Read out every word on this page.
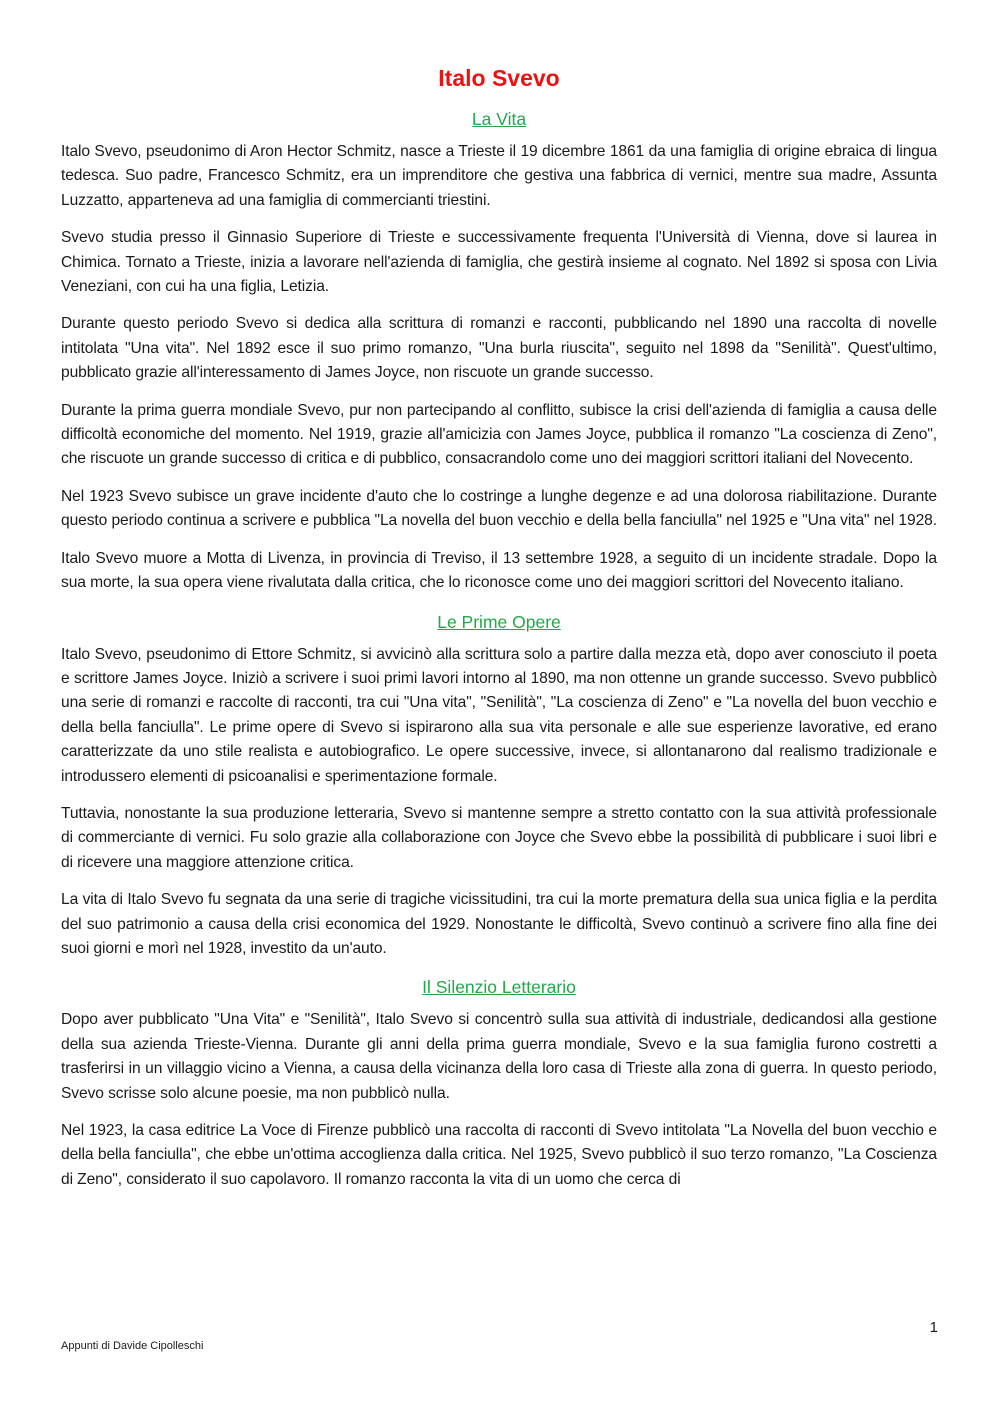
Italo Svevo
La Vita

Italo Svevo, pseudonimo di Aron Hector Schmitz, nasce a Trieste il 19 dicembre 1861 da una famiglia di origine ebraica di lingua tedesca. Suo padre, Francesco Schmitz, era un imprenditore che gestiva una fabbrica di vernici, mentre sua madre, Assunta Luzzatto, apparteneva ad una famiglia di commercianti triestini.

Svevo studia presso il Ginnasio Superiore di Trieste e successivamente frequenta l'Università di Vienna, dove si laurea in Chimica. Tornato a Trieste, inizia a lavorare nell'azienda di famiglia, che gestirà insieme al cognato. Nel 1892 si sposa con Livia Veneziani, con cui ha una figlia, Letizia.

Durante questo periodo Svevo si dedica alla scrittura di romanzi e racconti, pubblicando nel 1890 una raccolta di novelle intitolata "Una vita". Nel 1892 esce il suo primo romanzo, "Una burla riuscita", seguito nel 1898 da "Senilità". Quest'ultimo, pubblicato grazie all'interessamento di James Joyce, non riscuote un grande successo.

Durante la prima guerra mondiale Svevo, pur non partecipando al conflitto, subisce la crisi dell'azienda di famiglia a causa delle difficoltà economiche del momento. Nel 1919, grazie all'amicizia con James Joyce, pubblica il romanzo "La coscienza di Zeno", che riscuote un grande successo di critica e di pubblico, consacrandolo come uno dei maggiori scrittori italiani del Novecento.

Nel 1923 Svevo subisce un grave incidente d'auto che lo costringe a lunghe degenze e ad una dolorosa riabilitazione. Durante questo periodo continua a scrivere e pubblica "La novella del buon vecchio e della bella fanciulla" nel 1925 e "Una vita" nel 1928.

Italo Svevo muore a Motta di Livenza, in provincia di Treviso, il 13 settembre 1928, a seguito di un incidente stradale. Dopo la sua morte, la sua opera viene rivalutata dalla critica, che lo riconosce come uno dei maggiori scrittori del Novecento italiano.

Le Prime Opere

Italo Svevo, pseudonimo di Ettore Schmitz, si avvicinò alla scrittura solo a partire dalla mezza età, dopo aver conosciuto il poeta e scrittore James Joyce. Iniziò a scrivere i suoi primi lavori intorno al 1890, ma non ottenne un grande successo. Svevo pubblicò una serie di romanzi e raccolte di racconti, tra cui "Una vita", "Senilità", "La coscienza di Zeno" e "La novella del buon vecchio e della bella fanciulla". Le prime opere di Svevo si ispirarono alla sua vita personale e alle sue esperienze lavorative, ed erano caratterizzate da uno stile realista e autobiografico. Le opere successive, invece, si allontanarono dal realismo tradizionale e introdussero elementi di psicoanalisi e sperimentazione formale.

Tuttavia, nonostante la sua produzione letteraria, Svevo si mantenne sempre a stretto contatto con la sua attività professionale di commerciante di vernici. Fu solo grazie alla collaborazione con Joyce che Svevo ebbe la possibilità di pubblicare i suoi libri e di ricevere una maggiore attenzione critica.

La vita di Italo Svevo fu segnata da una serie di tragiche vicissitudini, tra cui la morte prematura della sua unica figlia e la perdita del suo patrimonio a causa della crisi economica del 1929. Nonostante le difficoltà, Svevo continuò a scrivere fino alla fine dei suoi giorni e morì nel 1928, investito da un'auto.

Il Silenzio Letterario

Dopo aver pubblicato "Una Vita" e "Senilità", Italo Svevo si concentrò sulla sua attività di industriale, dedicandosi alla gestione della sua azienda Trieste-Vienna. Durante gli anni della prima guerra mondiale, Svevo e la sua famiglia furono costretti a trasferirsi in un villaggio vicino a Vienna, a causa della vicinanza della loro casa di Trieste alla zona di guerra. In questo periodo, Svevo scrisse solo alcune poesie, ma non pubblicò nulla.

Nel 1923, la casa editrice La Voce di Firenze pubblicò una raccolta di racconti di Svevo intitolata "La Novella del buon vecchio e della bella fanciulla", che ebbe un'ottima accoglienza dalla critica. Nel 1925, Svevo pubblicò il suo terzo romanzo, "La Coscienza di Zeno", considerato il suo capolavoro. Il romanzo racconta la vita di un uomo che cerca di

1
Appunti di Davide Cipolleschi
